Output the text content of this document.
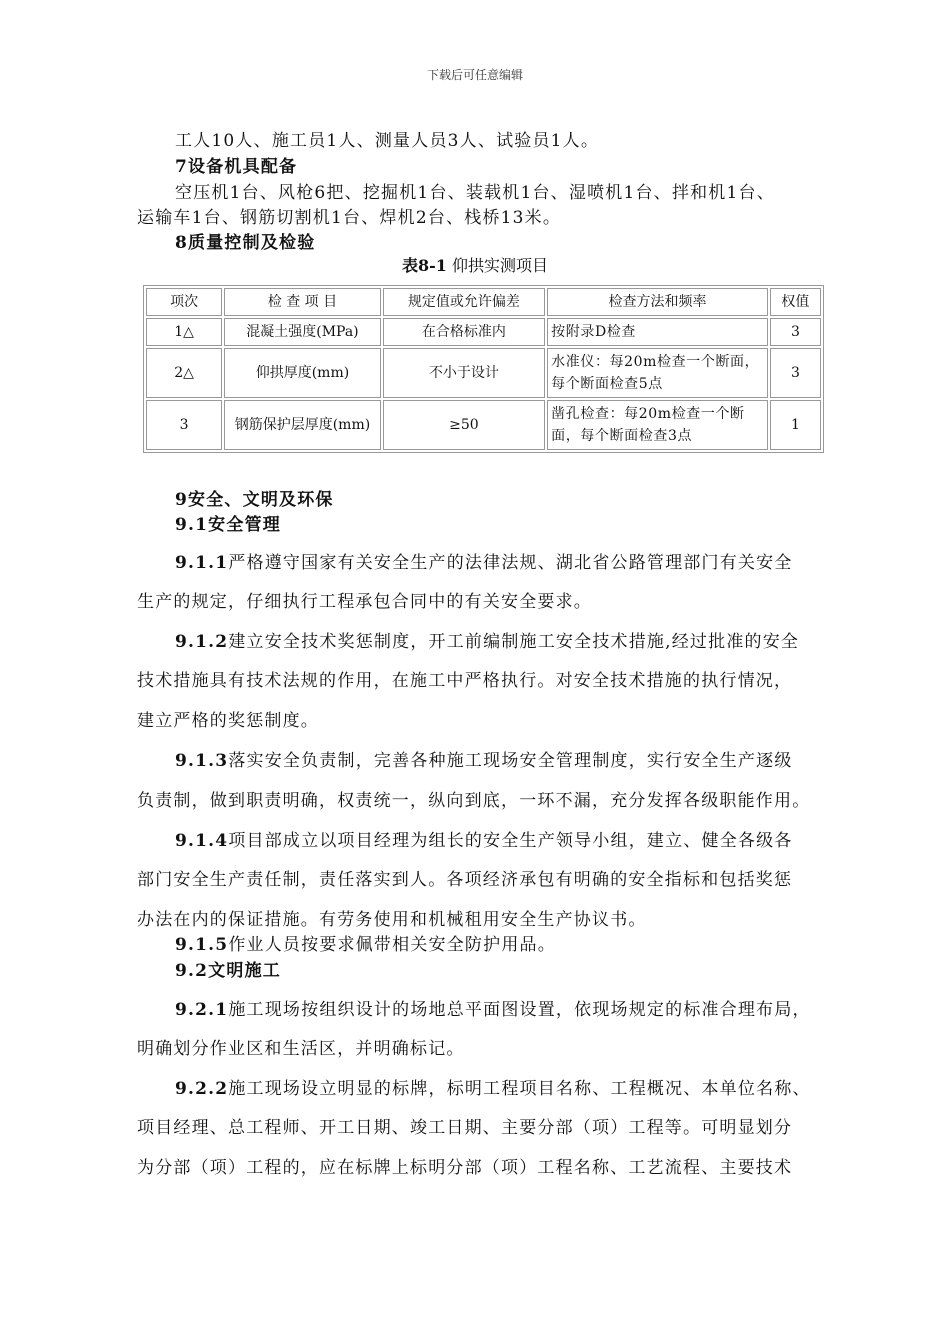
下载后可任意编辑
工人10人、施工员1人、测量人员3人、试验员1人。
7设备机具配备
空压机1台、风枪6把、挖掘机1台、装载机1台、湿喷机1台、拌和机1台、
运输车1台、钢筋切割机1台、焊机2台、栈桥13米。
8质量控制及检验
表8-1 仰拱实测项目
项次	检 查 项 目	规定值或允许偏差	检查方法和频率	权值
1△	混凝土强度(MPa)	在合格标准内	按附录D检查	3
2△	仰拱厚度(mm)	不小于设计	水准仪：每20m检查一个断面，每个断面检查5点	3
3	钢筋保护层厚度(mm)	≥50	凿孔检查：每20m检查一个断面，每个断面检查3点	1
9安全、文明及环保
9.1安全管理
9.1.1严格遵守国家有关安全生产的法律法规、湖北省公路管理部门有关安全
生产的规定，仔细执行工程承包合同中的有关安全要求。
9.1.2建立安全技术奖惩制度，开工前编制施工安全技术措施,经过批准的安全
技术措施具有技术法规的作用，在施工中严格执行。对安全技术措施的执行情况，
建立严格的奖惩制度。
9.1.3落实安全负责制，完善各种施工现场安全管理制度，实行安全生产逐级
负责制，做到职责明确，权责统一，纵向到底，一环不漏，充分发挥各级职能作用。
9.1.4项目部成立以项目经理为组长的安全生产领导小组，建立、健全各级各
部门安全生产责任制，责任落实到人。各项经济承包有明确的安全指标和包括奖惩
办法在内的保证措施。有劳务使用和机械租用安全生产协议书。
9.1.5作业人员按要求佩带相关安全防护用品。
9.2文明施工
9.2.1施工现场按组织设计的场地总平面图设置，依现场规定的标准合理布局，
明确划分作业区和生活区，并明确标记。
9.2.2施工现场设立明显的标牌，标明工程项目名称、工程概况、本单位名称、
项目经理、总工程师、开工日期、竣工日期、主要分部（项）工程等。可明显划分
为分部（项）工程的，应在标牌上标明分部（项）工程名称、工艺流程、主要技术
